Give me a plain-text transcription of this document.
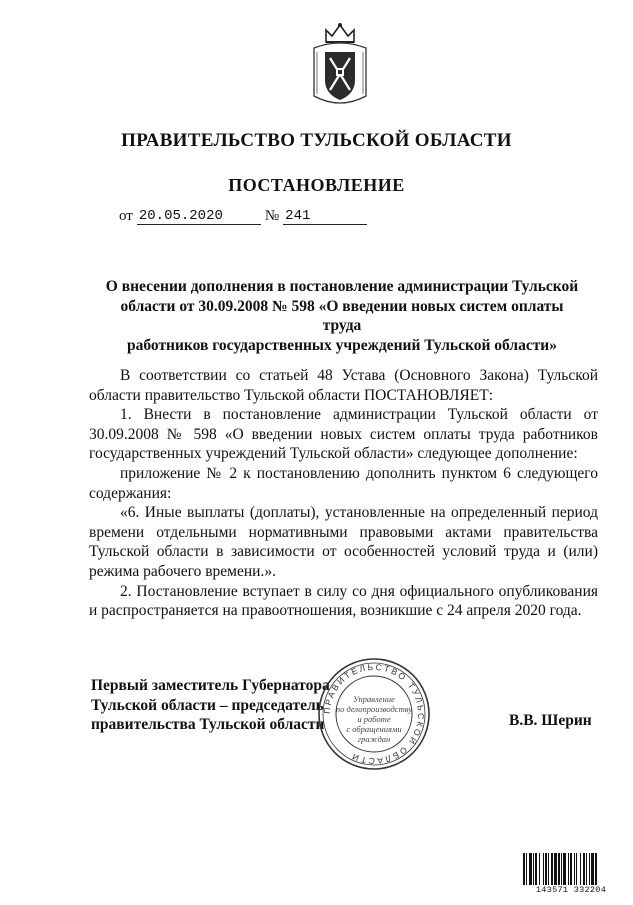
ПРАВИТЕЛЬСТВО ТУЛЬСКОЙ ОБЛАСТИ
ПОСТАНОВЛЕНИЕ
от 20.05.2020	№ 241
О внесении дополнения в постановление администрации Тульской
области от 30.09.2008 № 598 «О введении новых систем оплаты труда
работников государственных учреждений Тульской области»

В соответствии со статьей 48 Устава (Основного Закона) Тульской области правительство Тульской области ПОСТАНОВЛЯЕТ:

1. Внести в постановление администрации Тульской области от 30.09.2008 № 598 «О введении новых систем оплаты труда работников государственных учреждений Тульской области» следующее дополнение:

приложение № 2 к постановлению дополнить пунктом 6 следующего содержания:

«6. Иные выплаты (доплаты), установленные на определенный период времени отдельными нормативными правовыми актами правительства Тульской области в зависимости от особенностей условий труда и (или) режима рабочего времени.».

2. Постановление вступает в силу со дня официального опубликования и распространяется на правоотношения, возникшие с 24 апреля 2020 года.

Первый заместитель Губернатора
Тульской области – председатель
правительства Тульской области
ПРАВИТЕЛЬСТВО ТУЛЬСКОЙ ОБЛАСТИ
Управление
по делопроизводству
и работе
с обращениями
граждан
В.В. Шерин
143571 332204
